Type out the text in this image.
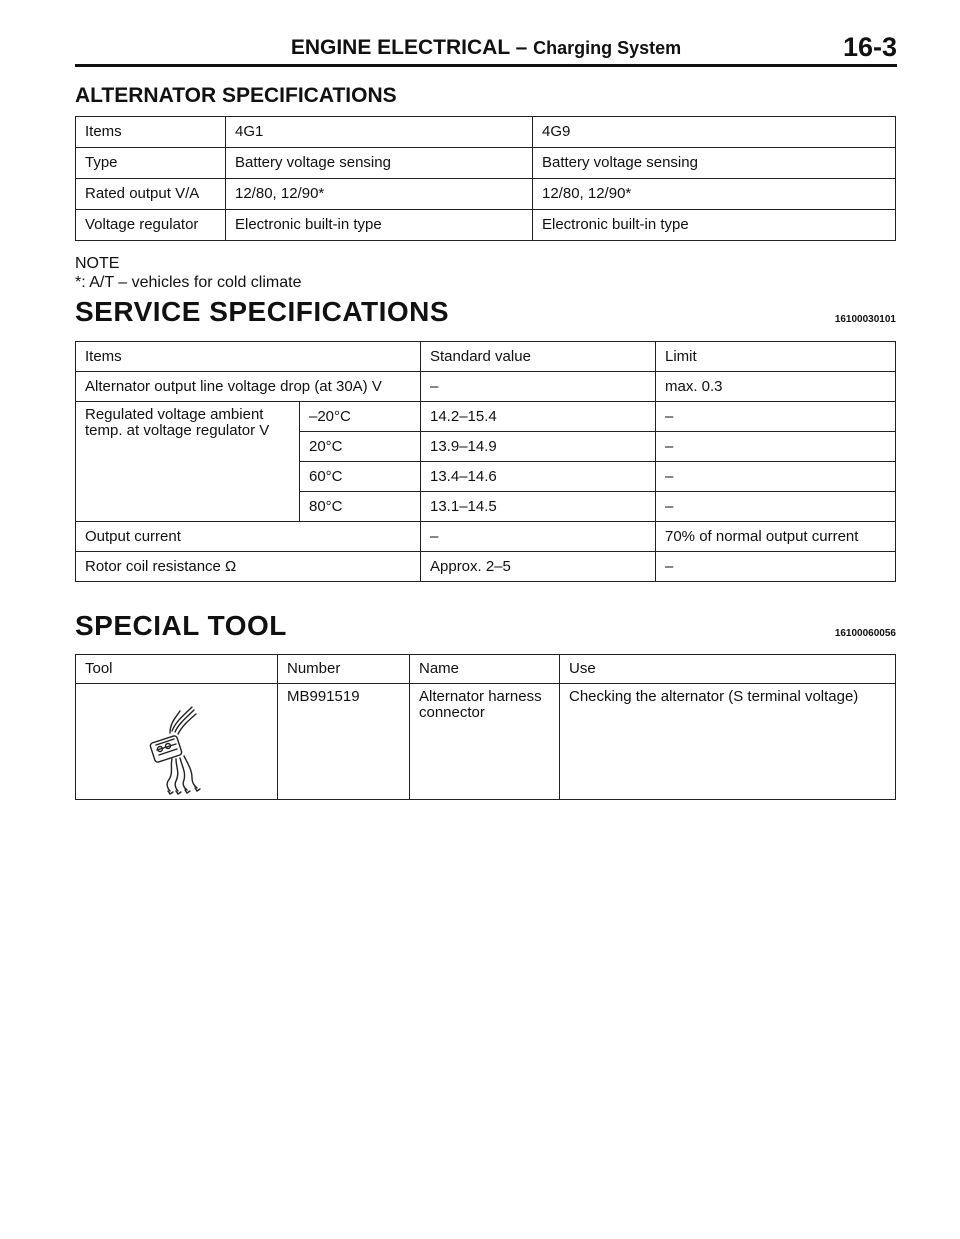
ENGINE ELECTRICAL – Charging System	16-3
ALTERNATOR SPECIFICATIONS
Items	4G1	4G9
Type	Battery voltage sensing	Battery voltage sensing
Rated output V/A	12/80, 12/90*	12/80, 12/90*
Voltage regulator	Electronic built-in type	Electronic built-in type
NOTE
*: A/T – vehicles for cold climate
SERVICE SPECIFICATIONS	16100030101
Items		Standard value	Limit
Alternator output line voltage drop (at 30A) V		–	max. 0.3
Regulated voltage ambient temp. at voltage regulator V	–20°C	14.2–15.4	–
	20°C	13.9–14.9	–
	60°C	13.4–14.6	–
	80°C	13.1–14.5	–
Output current		–	70% of normal output current
Rotor coil resistance Ω		Approx. 2–5	–
SPECIAL TOOL	16100060056
Tool	Number	Name	Use

	MB991519	Alternator harness connector	Checking the alternator (S terminal voltage)
